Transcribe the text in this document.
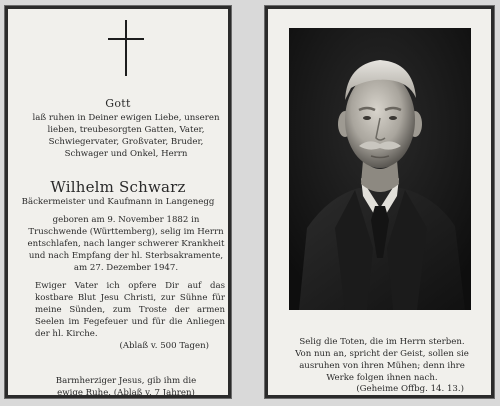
Gott
laß ruhen in Deiner ewigen Liebe, unseren
lieben, treubesorgten Gatten, Vater,
Schwiegervater, Großvater, Bruder,
Schwager und Onkel, Herrn
Wilhelm Schwarz
Bäckermeister und Kaufmann in Langenegg
geboren am 9. November 1882 in
Truschwende (Württemberg), selig im Herrn
entschlafen, nach langer schwerer Krankheit
und nach Empfang der hl. Sterbsakramente,
am 27. Dezember 1947.
Ewiger Vater ich opfere Dir auf das kostbare Blut Jesu Christi, zur Sühne für meine Sünden, zum Troste der armen Seelen im Fegefeuer und für die Anliegen der hl. Kirche.
(Ablaß v. 500 Tagen)
Barmherziger Jesus, gib ihm die
ewige Ruhe. (Ablaß v. 7 Jahren)
Selig die Toten, die im Herrn sterben.
Von nun an, spricht der Geist, sollen sie
ausruhen von ihren Mühen; denn ihre
Werke folgen ihnen nach.
(Geheime Offbg. 14. 13.)
